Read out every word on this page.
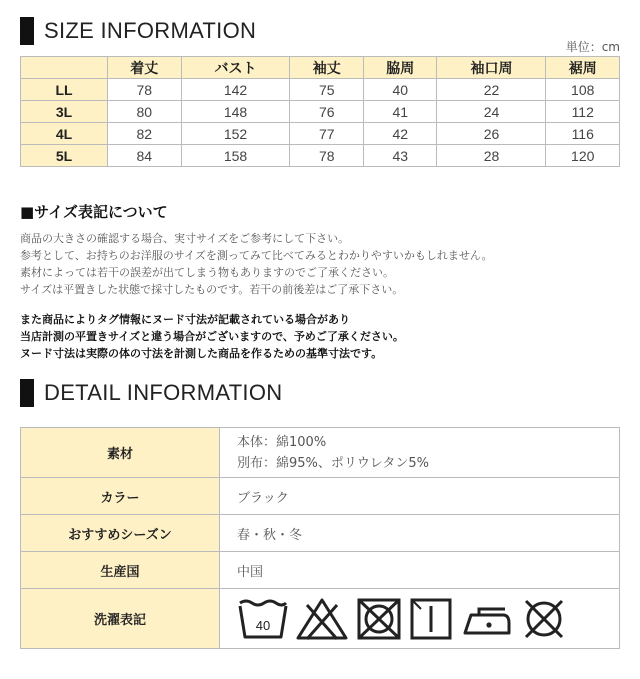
SIZE INFORMATION
単位：cm
	着丈	バスト	袖丈	脇周	袖口周	裾周
LL	78	142	75	40	22	108
3L	80	148	76	41	24	112
4L	82	152	77	42	26	116
5L	84	158	78	43	28	120
■サイズ表記について
商品の大きさの確認する場合、実寸サイズをご参考にして下さい。
参考として、お持ちのお洋服のサイズを測ってみて比べてみるとわかりやすいかもしれません。
素材によっては若干の誤差が出てしまう物もありますのでご了承ください。
サイズは平置きした状態で採寸したものです。若干の前後差はご了承下さい。
また商品によりタグ情報にヌード寸法が記載されている場合があり
当店計測の平置きサイズと違う場合がございますので、予めご了承ください。
ヌード寸法は実際の体の寸法を計測した商品を作るための基準寸法です。
DETAIL INFORMATION
素材	本体：綿100%
別布：綿95%、ポリウレタン5%

カラー	ブラック
おすすめシーズン	春・秋・冬
生産国	中国
洗濯表記	40
